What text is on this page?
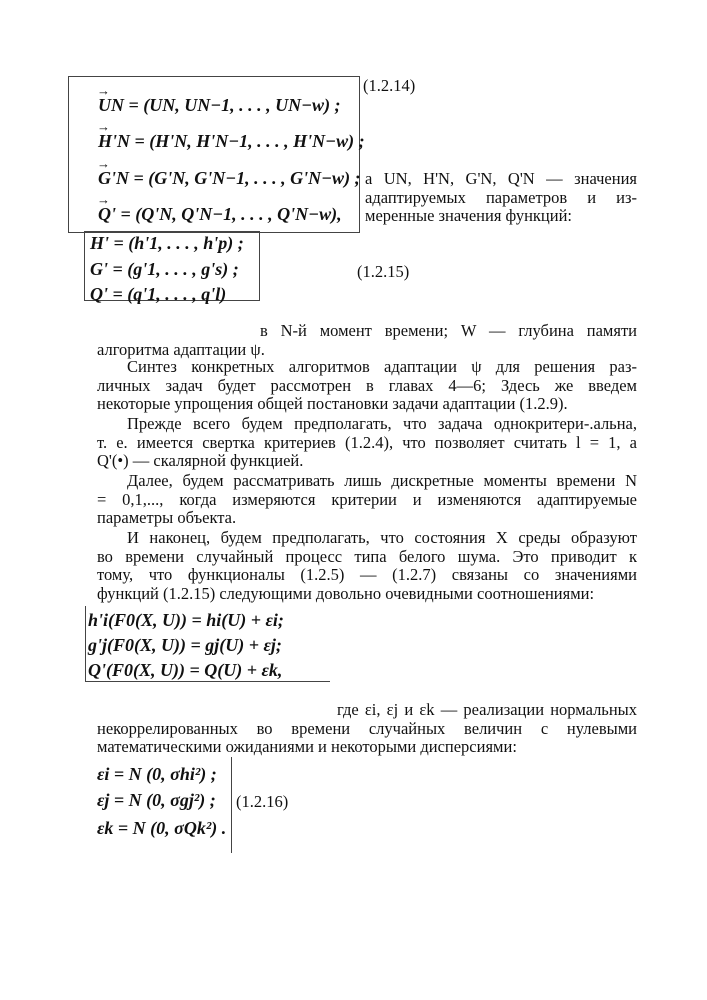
(1.2.14)
→ UN = (UN, UN−1, . . . , UN−w) ;
→ H'N = (H'N, H'N−1, . . . , H'N−w) ;
→ G'N = (G'N, G'N−1, . . . , G'N−w) ;
→ Q' = (Q'N, Q'N−1, . . . , Q'N−w),
а UN, H'N, G'N, Q'N — значения
адаптируемых параметров и из-
меренные значения функций:
H' = (h'1, . . . , h'p) ;
G' = (g'1, . . . , g's) ;
Q' = (q'1, . . . , q'l)
(1.2.15)
в N-й момент времени; W — глубина памяти
алгоритма адаптации ψ.
Синтез конкретных алгоритмов адаптации ψ для решения раз-
личных задач будет рассмотрен в главах 4—6; Здесь же введем
некоторые упрощения общей постановки задачи адаптации (1.2.9).
Прежде всего будем предполагать, что задача однокритери-.альна,
т. е. имеется свертка критериев (1.2.4), что позволяет считать l = 1, а
Q'(•) — скалярной функцией.
Далее, будем рассматривать лишь дискретные моменты времени N
= 0,1,..., когда измеряются критерии и изменяются адаптируемые
параметры объекта.
И наконец, будем предполагать, что состояния X среды образуют
во времени случайный процесс типа белого шума. Это приводит к
тому, что функционалы (1.2.5) — (1.2.7) связаны со значениями
функций (1.2.15) следующими довольно очевидными соотношениями:
h'i(F0(X, U)) = hi(U) + εi;
g'j(F0(X, U)) = gj(U) + εj;
Q'(F0(X, U)) = Q(U) + εk,
где εi, εj и εk — реализации нормальных
некоррелированных во времени случайных величин с нулевыми
математическими ожиданиями и некоторыми дисперсиями:
εi = N (0, σhi²) ;
εj = N (0, σgj²) ;
εk = N (0, σQk²) .
(1.2.16)
